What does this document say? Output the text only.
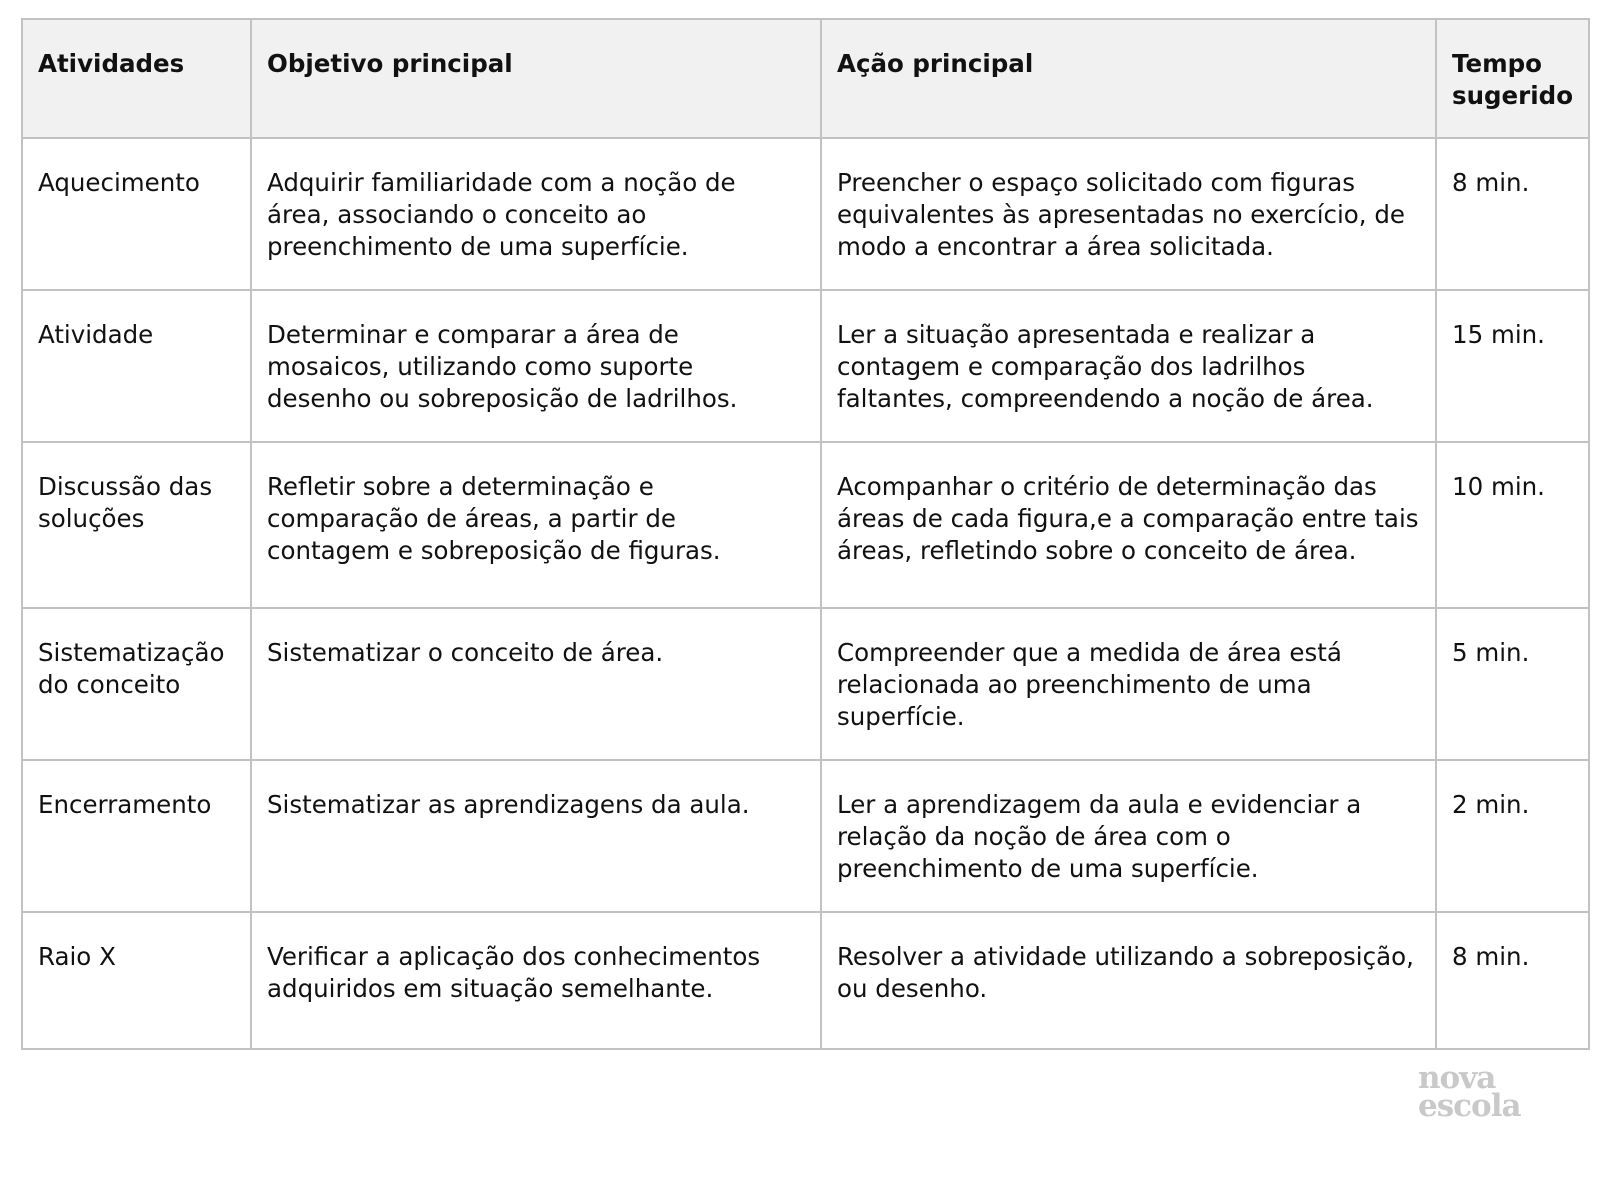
Atividades	Objetivo principal	Ação principal	Tempo sugerido
Aquecimento	Adquirir familiaridade com a noção de área, associando o conceito ao preenchimento de uma superfície.	Preencher o espaço solicitado com figuras equivalentes às apresentadas no exercício, de modo a encontrar a área solicitada.	8 min.
Atividade	Determinar e comparar a área de mosaicos, utilizando como suporte desenho ou sobreposição de ladrilhos.	Ler a situação apresentada e realizar a contagem e comparação dos ladrilhos faltantes, compreendendo a noção de área.	15 min.
Discussão das soluções	Refletir sobre a determinação e comparação de áreas, a partir de contagem e sobreposição de figuras.	Acompanhar o critério de determinação das áreas de cada figura,e a comparação entre tais áreas, refletindo sobre o conceito de área.	10 min.
Sistematização do conceito	Sistematizar o conceito de área.	Compreender que a medida de área está relacionada ao preenchimento de uma superfície.	5 min.
Encerramento	Sistematizar as aprendizagens da aula.	Ler a aprendizagem da aula e evidenciar a relação da noção de área com o preenchimento de uma superfície.	2 min.
Raio X	Verificar a aplicação dos conhecimentos adquiridos em situação semelhante.	Resolver a atividade utilizando a sobreposição, ou desenho.	8 min.
nova
escola
